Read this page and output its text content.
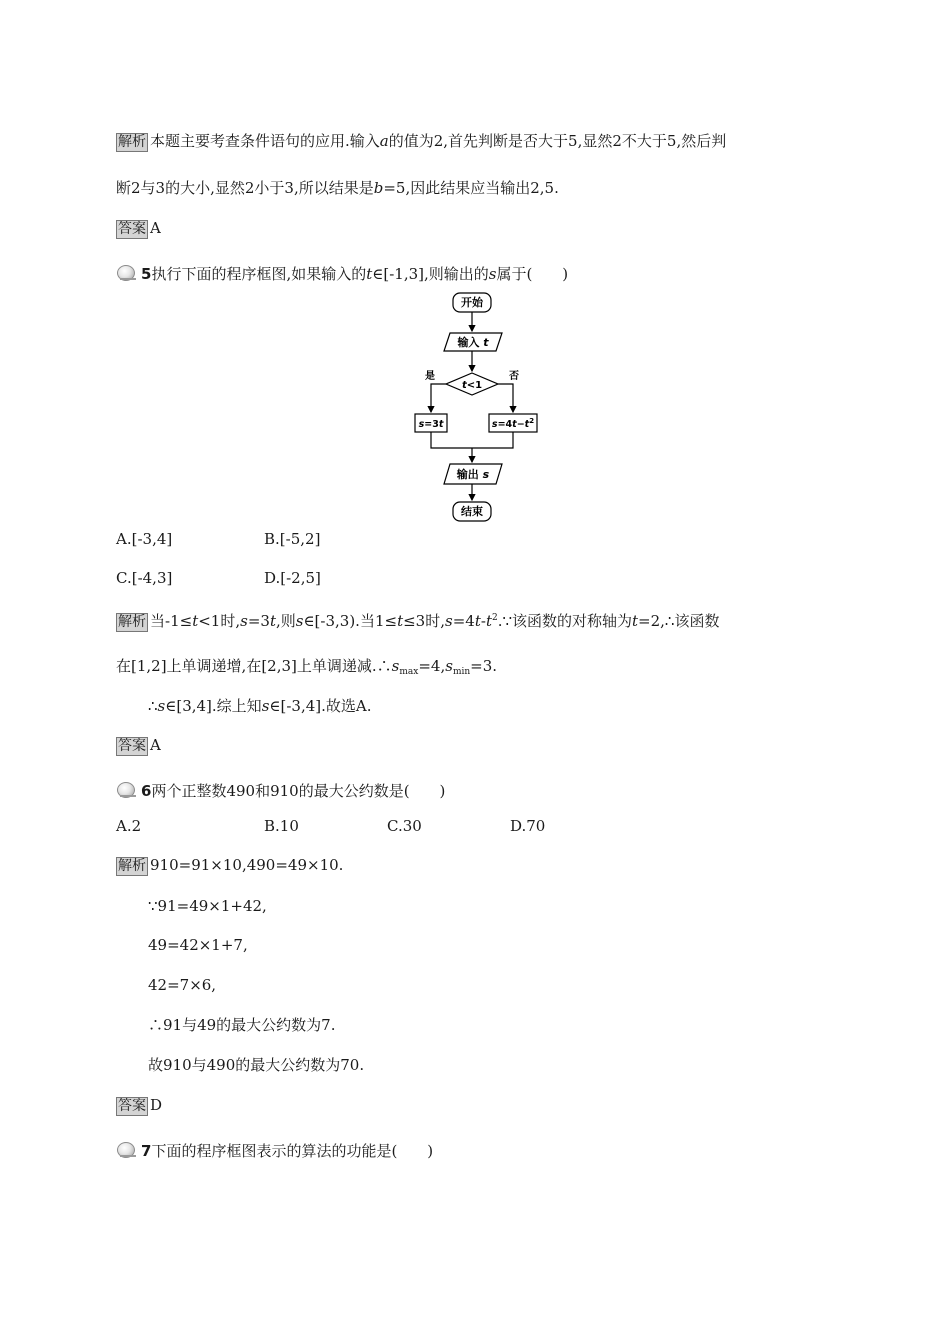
解析 本题主要考查条件语句的应用.输入a的值为2,首先判断是否大于5,显然2不大于5,然后判
断2与3的大小,显然2小于3,所以结果是b=5,因此结果应当输出2,5.
答案 A
5执行下面的程序框图,如果输入的t∈[-1,3],则输出的s属于(　　)
开始
输入 t
t<1
是	否
s=3t	$s=4t-t^2$
输出 s
结束
A.[-3,4]	B.[-5,2]
C.[-4,3]	D.[-2,5]
解析 当-1≤t<1时,s=3t,则s∈[-3,3).当1≤t≤3时$,s=4t-t^2.\because$该函数的对称轴为t=2,∴该函数
在[1,2]上单调递增,在[2,3]上单调递减$.\therefore s_{max}=4,s_{min}=3$.
∴s∈[3,4].综上知s∈[-3,4].故选A.
答案 A
6两个正整数490和910的最大公约数是(　　)
A.2	B.10	C.30	D.70
解析 910=91×10,490=49×10.
∵91=49×1+42,
49=42×1+7,
42=7×6,
∴91与49的最大公约数为7.
故910与490的最大公约数为70.
答案 D
7下面的程序框图表示的算法的功能是(　　)
